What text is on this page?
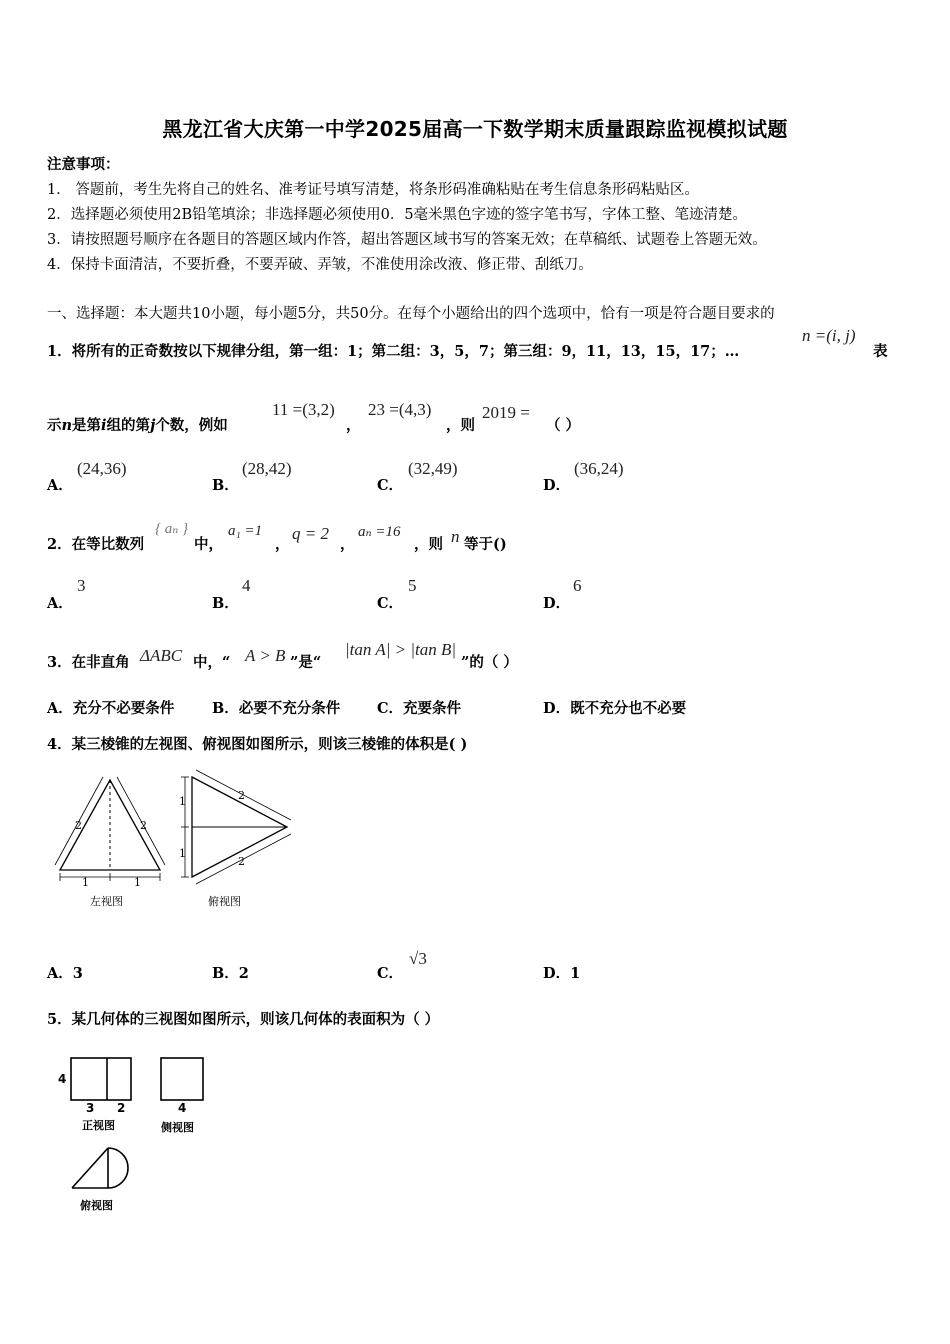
黑龙江省大庆第一中学2025届高一下数学期末质量跟踪监视模拟试题
注意事项：
1． 答题前，考生先将自己的姓名、准考证号填写清楚，将条形码准确粘贴在考生信息条形码粘贴区。
2．选择题必须使用2B铅笔填涂；非选择题必须使用0．5毫米黑色字迹的签字笔书写，字体工整、笔迹清楚。
3．请按照题号顺序在各题目的答题区域内作答，超出答题区域书写的答案无效；在草稿纸、试题卷上答题无效。
4．保持卡面清洁，不要折叠，不要弄破、弄皱，不准使用涂改液、修正带、刮纸刀。
一、选择题：本大题共10小题，每小题5分，共50分。在每个小题给出的四个选项中，恰有一项是符合题目要求的
1．将所有的正奇数按以下规律分组，第一组：1；第二组：3，5，7；第三组：9，11，13，15，17；…
n =(i, j)
表
示n是第i组的第j个数，例如
11 =(3,2)
，
23 =(4,3)
，则
2019 =
（ ）
A．
(24,36)
B．
(28,42)
C．
(32,49)
D．
(36,24)
2．在等比数列
{ aₙ }
中，
a₁ =1
，
q = 2
，
aₙ =16
，则 n 等于()
A．
3
B．
4
C．
5
D．
6
3．在非直角 ΔABC 中，“ A > B ”是“
|tan A| > |tan B|
”的（ ）
A．充分不必要条件	B．必要不充分条件	C．充要条件	D．既不充分也不必要
4．某三棱锥的左视图、俯视图如图所示，则该三棱锥的体积是( )
2	2
1	1
左视图
1
1
2
2
俯视图
A．3	B．2	C．
√3
D．1
5．某几何体的三视图如图所示，则该几何体的表面积为（ ）
4
3 2
正视图
4
侧视图
俯视图
